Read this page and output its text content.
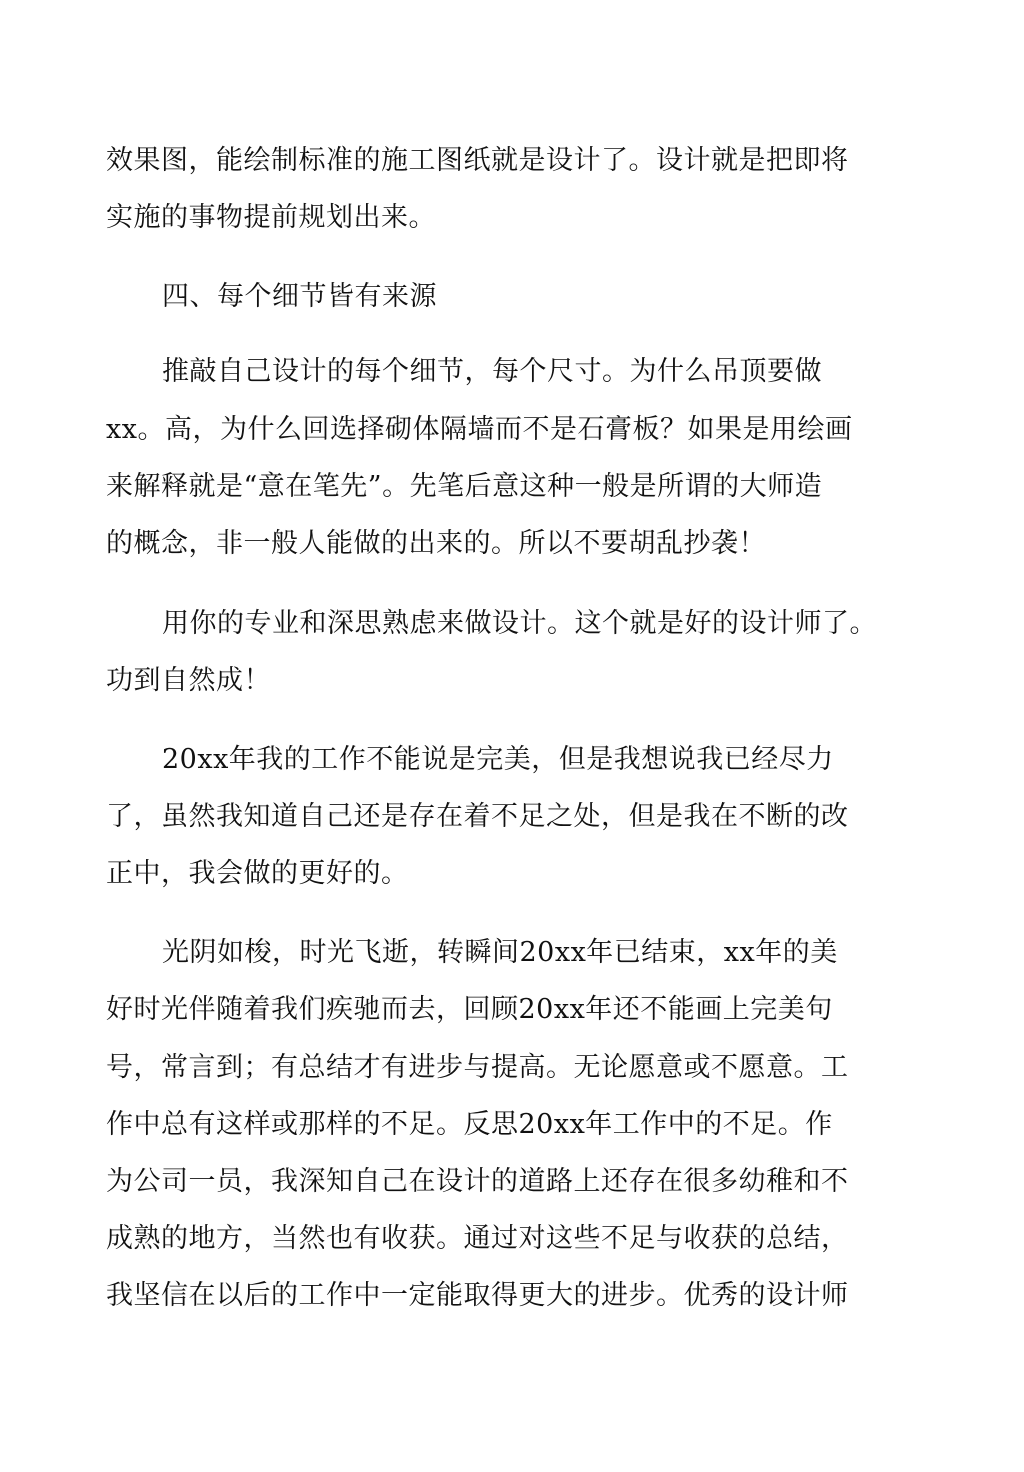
效果图，能绘制标准的施工图纸就是设计了。设计就是把即将
实施的事物提前规划出来。
四、每个细节皆有来源
推敲自己设计的每个细节，每个尺寸。为什么吊顶要做
xx。高，为什么回选择砌体隔墙而不是石膏板？如果是用绘画
来解释就是“意在笔先”。先笔后意这种一般是所谓的大师造
的概念，非一般人能做的出来的。所以不要胡乱抄袭！
用你的专业和深思熟虑来做设计。这个就是好的设计师了。
功到自然成！
20xx年我的工作不能说是完美，但是我想说我已经尽力
了，虽然我知道自己还是存在着不足之处，但是我在不断的改
正中，我会做的更好的。
光阴如梭，时光飞逝，转瞬间20xx年已结束，xx年的美
好时光伴随着我们疾驰而去，回顾20xx年还不能画上完美句
号，常言到；有总结才有进步与提高。无论愿意或不愿意。工
作中总有这样或那样的不足。反思20xx年工作中的不足。作
为公司一员，我深知自己在设计的道路上还存在很多幼稚和不
成熟的地方，当然也有收获。通过对这些不足与收获的总结，
我坚信在以后的工作中一定能取得更大的进步。优秀的设计师
